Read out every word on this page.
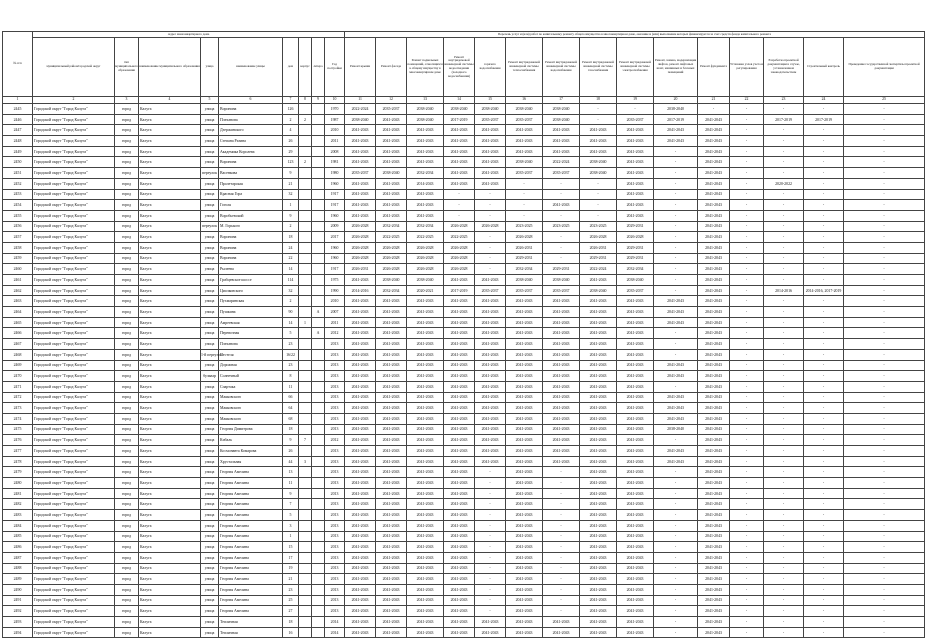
№ п/п	Адрес многоквартирного дома									Перечень услуг и (или) работ по капитальному ремонту общего имущества в многоквартирном доме, оказание и (или) выполнение которых финансируется за счет средств фонда капитального ремонта														
	муниципальный район/городской округ	тип муниципального образования	наименование муниципального образования	улица	наименование улицы	дом	корпус	литера	Год постройки	Ремонт крыши	Ремонт фасада	Ремонт подвальных помещений, относящихся к общему имуществу в многоквартирном доме	Ремонт внутридомовой инженерной системы водоотведения (холодного водоснабжения)	горячего водоснабжения	Ремонт внутридомовой инженерной системы теплоснабжения	Ремонт внутридомовой инженерной системы водоснабжения	Ремонт внутридомовой инженерной системы газоснабжения	Ремонт внутридомовой инженерной системы электроснабжения	Ремонт, замена, модернизация лифтов, ремонт лифтовых шахт, машинных и блочных помещений	Ремонт фундамента	Установка узлов учета и регулирования	Разработка проектной документации в случае, установленном законодательством	Строительный контроль	Проведение государственной экспертизы проектной документации
1	2	3	4	5	6	7	8	9	10	11	12	13	14	15	16	17	18	19	20	21	22	23	24	25
2445	Городской округ "Город Калуга"	город	Калуга	улица	Воронина	126			1970	2022-2024	2035-2037	2038-2040	2038-2040	2038-2040	2038-2040	2038-2040	-	-	2038-2040	-	-	-	-	-
2446	Городской округ "Город Калуга"	город	Калуга	улица	Плеханова	2	2		1987	2038-2040	2041-2043	2038-2040	2017-2019	2035-2037	2035-2037	2038-2040	-	2035-2037	2017-2019	2041-2043	-	2017-2019	2017-2019	-
2447	Городской округ "Город Калуга"	город	Калуга	улица	Дзержинского	4			2010	2041-2043	2041-2043	2041-2043	2041-2043	2041-2043	2041-2043	2041-2043	2041-2043	2041-2043	2041-2043	2041-2043	-	-	-	-
2448	Городской округ "Город Калуга"	город	Калуга	улица	Степана Разина	26			2011	2041-2043	2041-2043	2041-2043	2041-2043	2041-2043	2041-2043	2041-2043	2041-2043	2041-2043	2041-2043	2041-2043	-	-	-	-
2449	Городской округ "Город Калуга"	город	Калуга	улица	Академика Королева	29			2008	2041-2043	2041-2043	2041-2043	2041-2043	2041-2043	2041-2043	2041-2043	2041-2043	2041-2043	-	2041-2043	-	-	-	-
2450	Городской округ "Город Калуга"	город	Калуга	улица	Воронина	123	2		1981	2041-2043	2041-2043	2041-2043	2041-2043	2041-2043	2038-2040	2022-2024	2038-2040	2041-2043	-	2041-2043	-	-	-	-
2451	Городской округ "Город Калуга"	город	Калуга	переулок	Васенкова	9			1980	2035-2037	2038-2040	2032-2034	2041-2043	2041-2043	2035-2037	2035-2037	2038-2040	2041-2043	-	2041-2043	-	-	-	-
2452	Городской округ "Город Калуга"	город	Калуга	улица	Пролетарская	21			1960	2041-2043	2041-2043	2014-2043	2041-2043	2041-2043	-	-	-	2041-2043	-	2041-2043	-	2020-2022	-	-
2453	Городской округ "Город Калуга"	город	Калуга	улица	Красная Гора	32			1917	2041-2043	2041-2043	2041-2043	-	-	-	-	-	2041-2043	-	2041-2043	-	-	-	-
2454	Городской округ "Город Калуга"	город	Калуга	улица	Гоголя	1			1917	2041-2043	2041-2043	2041-2043	-	-	-	2041-2043	-	2041-2043	-	2041-2043	-	-	-	-
2455	Городской округ "Город Калуга"	город	Калуга	улица	Воробьевский	9			1960	2041-2043	2041-2043	2041-2043	-	-	-	-	-	2041-2043	-	2041-2043	-	-	-	-
2456	Городской округ "Город Калуга"	город	Калуга	переулок	М. Горького	2			2009	2026-2028	2032-2034	2032-2034	2026-2028	2026-2028	2023-2025	2023-2025	2023-2025	2029-2031	-	2041-2043	-	-	-	-
2457	Городской округ "Город Калуга"	город	Калуга	улица	Воронина	18			2017	2026-2028	2022-2025	2022-2025	2022-2025	-	2026-2028	-	2026-2028	2026-2028	-	2041-2043	-	-	-	-
2458	Городской округ "Город Калуга"	город	Калуга	улица	Воронина	24			1960	2026-2028	2026-2028	2026-2028	2026-2028	-	2026-2031	-	2026-2031	2029-2031	-	2041-2043	-	-	-	-
2459	Городской округ "Город Калуга"	город	Калуга	улица	Воронина	22			1960	2026-2028	2026-2028	2026-2028	2026-2028	-	2029-2031	-	2029-2031	2029-2031	-	2041-2043	-	-	-	-
2460	Городской округ "Город Калуга"	город	Калуга	улица	Рылеева	14			1917	2026-2031	2026-2028	2026-2028	2026-2028	-	2032-2034	2029-2031	2022-2024	2032-2034	-	2041-2043	-	-	-	-
2461	Городской округ "Город Калуга"	город	Калуга	улица	Грабцевское шоссе	114			1975	2041-2043	2038-2040	2038-2040	2041-2043	2041-2043	2038-2040	2038-2040	2041-2043	2038-2040	-	2041-2043	-	-	-	-
2462	Городской округ "Город Калуга"	город	Калуга	улица	Циолковского	32			1990	2014-2016	2032-2034	2020-2021	2017-2019	2035-2037	2035-2037	2035-2037	2038-2040	2035-2037	-	2041-2043	-	2014-2016	2014-2016, 2017-2019	-
2463	Городской округ "Город Калуга"	город	Калуга	улица	Пухмаринская	2			2010	2041-2043	2041-2043	2041-2043	2041-2043	2041-2043	2041-2043	2041-2043	2041-2043	2041-2043	2041-2043	2041-2043	-	-	-	-
2464	Городской округ "Город Калуга"	город	Калуга	улица	Пушкина	90		А	2007	2041-2043	2041-2043	2041-2043	2041-2043	2041-2043	2041-2043	2041-2043	2041-2043	2041-2043	2041-2043	2041-2043	-	-	-	-
2465	Городской округ "Город Калуга"	город	Калуга	улица	Амреевская	14	1		2011	2041-2043	2041-2043	2041-2043	2041-2043	2041-2043	2041-2043	2041-2043	2041-2043	2041-2043	2041-2043	2041-2043	-	-	-	-
2466	Городской округ "Город Калуга"	город	Калуга	улица	Перевозная	5		А	2012	2041-2043	2041-2043	2041-2043	2041-2043	2041-2043	2041-2043	2041-2043	2041-2043	2041-2043	-	2041-2043	-	-	-	-
2467	Городской округ "Город Калуга"	город	Калуга	улица	Плеханова	23			2013	2041-2043	2041-2043	2041-2043	2041-2043	2041-2043	2041-2043	2041-2043	2041-2043	2041-2043	-	2041-2043	-	-	-	-
2468	Городской округ "Город Калуга"	город	Калуга	1-й переулок	Пестеля	16/22			2013	2041-2043	2041-2043	2041-2043	2041-2043	2041-2043	2041-2043	2041-2043	2041-2043	2041-2043	-	2041-2043	-	-	-	-
2469	Городской округ "Город Калуга"	город	Калуга	улица	Дорожная	23			2013	2041-2043	2041-2043	2041-2043	2041-2043	2041-2043	2041-2043	2041-2043	2041-2043	2041-2043	2041-2043	2041-2043	-	-	-	-
2470	Городской округ "Город Калуга"	город	Калуга	бульвар	Солнечный	8			2013	2041-2043	2041-2043	2041-2043	2041-2043	2041-2043	2041-2043	2041-2043	2041-2043	2041-2043	2041-2043	2041-2043	-	-	-	-
2471	Городской округ "Город Калуга"	город	Калуга	улица	Спартака	11			2013	2041-2043	2041-2043	2041-2043	2041-2043	2041-2043	2041-2043	2041-2043	2041-2043	2041-2043	-	2041-2043	-	-	-	-
2472	Городской округ "Город Калуга"	город	Калуга	улица	Маяковского	66			2013	2041-2043	2041-2043	2041-2043	2041-2043	2041-2043	2041-2043	2041-2043	2041-2043	2041-2043	2041-2043	2041-2043	-	-	-	-
2473	Городской округ "Город Калуга"	город	Калуга	улица	Маяковского	64			2013	2041-2043	2041-2043	2041-2043	2041-2043	2041-2043	2041-2043	2041-2043	2041-2043	2041-2043	2041-2043	2041-2043	-	-	-	-
2474	Городской округ "Город Калуга"	город	Калуга	улица	Маяковского	68			2013	2041-2043	2041-2043	2041-2043	2041-2043	2041-2043	2041-2043	2041-2043	2041-2043	2041-2043	2041-2043	2041-2043	-	-	-	-
2475	Городской округ "Город Калуга"	город	Калуга	улица	Георгия Димитрова	18			2013	2041-2043	2041-2043	2041-2043	2041-2043	2041-2043	2041-2043	2041-2043	2041-2043	2041-2043	2038-2040	2041-2043	-	-	-	-
2476	Городской округ "Город Калуга"	город	Калуга	улица	Кибаль	9	7		2012	2041-2043	2041-2043	2041-2043	2041-2043	2041-2043	2041-2043	2041-2043	2041-2043	2041-2043	-	2041-2043	-	-	-	-
2477	Городской округ "Город Калуга"	город	Калуга	улица	Космонавта Комарова	26			2013	2041-2043	2041-2043	2041-2043	2041-2043	2041-2043	2041-2043	2041-2043	2041-2043	2041-2043	2041-2043	2041-2043	-	-	-	-
2478	Городской округ "Город Калуга"	город	Калуга	улица	Хрустальная	44	3		2013	2041-2043	2041-2043	2041-2043	2041-2043	2041-2043	2041-2043	2041-2043	2041-2043	2041-2043	2041-2043	2041-2043	-	-	-	-
2479	Городской округ "Город Калуга"	город	Калуга	улица	Георгия Амелина	13			2013	2041-2043	2041-2043	2041-2043	2041-2043	-	2041-2043	-	2041-2043	2041-2043	-	2041-2043	-	-	-	-
2480	Городской округ "Город Калуга"	город	Калуга	улица	Георгия Амелина	11			2013	2041-2043	2041-2043	2041-2043	2041-2043	-	2041-2043	-	2041-2043	2041-2043	-	2041-2043	-	-	-	-
2481	Городской округ "Город Калуга"	город	Калуга	улица	Георгия Амелина	9			2013	2041-2043	2041-2043	2041-2043	2041-2043	-	2041-2043	-	2041-2043	2041-2043	-	2041-2043	-	-	-	-
2482	Городской округ "Город Калуга"	город	Калуга	улица	Георгия Амелина	7			2013	2041-2043	2041-2043	2041-2043	2041-2043	-	2041-2043	-	2041-2043	2041-2043	-	2041-2043	-	-	-	-
2483	Городской округ "Город Калуга"	город	Калуга	улица	Георгия Амелина	5			2013	2041-2043	2041-2043	2041-2043	2041-2043	-	2041-2043	-	2041-2043	2041-2043	-	2041-2043	-	-	-	-
2484	Городской округ "Город Калуга"	город	Калуга	улица	Георгия Амелина	3			2013	2041-2043	2041-2043	2041-2043	2041-2043	-	2041-2043	-	2041-2043	2041-2043	-	2041-2043	-	-	-	-
2485	Городской округ "Город Калуга"	город	Калуга	улица	Георгия Амелина	1			2013	2041-2043	2041-2043	2041-2043	2041-2043	-	2041-2043	-	2041-2043	2041-2043	-	2041-2043	-	-	-	-
2486	Городской округ "Город Калуга"	город	Калуга	улица	Георгия Амелина	15			2013	2041-2043	2041-2043	2041-2043	2041-2043	-	2041-2043	-	2041-2043	2041-2043	-	2041-2043	-	-	-	-
2487	Городской округ "Город Калуга"	город	Калуга	улица	Георгия Амелина	17			2013	2041-2043	2041-2043	2041-2043	2041-2043	-	2041-2043	-	2041-2043	2041-2043	-	2041-2043	-	-	-	-
2488	Городской округ "Город Калуга"	город	Калуга	улица	Георгия Амелина	19			2013	2041-2043	2041-2043	2041-2043	2041-2043	-	2041-2043	-	2041-2043	2041-2043	-	2041-2043	-	-	-	-
2489	Городской округ "Город Калуга"	город	Калуга	улица	Георгия Амелина	21			2013	2041-2043	2041-2043	2041-2043	2041-2043	-	2041-2043	-	2041-2043	2041-2043	-	2041-2043	-	-	-	-
2490	Городской округ "Город Калуга"	город	Калуга	улица	Георгия Амелина	23			2013	2041-2043	2041-2043	2041-2043	2041-2043	-	2041-2043	-	2041-2043	2041-2043	-	2041-2043	-	-	-	-
2491	Городской округ "Город Калуга"	город	Калуга	улица	Георгия Амелина	25			2013	2041-2043	2041-2043	2041-2043	2041-2043	-	2041-2043	-	2041-2043	2041-2043	-	2041-2043	-	-	-	-
2492	Городской округ "Город Калуга"	город	Калуга	улица	Георгия Амелина	27			2013	2041-2043	2041-2043	2041-2043	2041-2043	-	2041-2043	-	2041-2043	2041-2043	-	2041-2043	-	-	-	-
2493	Городской округ "Город Калуга"	город	Калуга	улица	Тепличная	18			2014	2041-2043	2041-2043	2041-2043	2041-2043	2041-2043	2041-2043	2041-2043	2041-2043	2041-2043	-	2041-2043	-	-	-	-
2494	Городской округ "Город Калуга"	город	Калуга	улица	Тепличная	16			2014	2041-2043	2041-2043	2041-2043	2041-2043	2041-2043	2041-2043	2041-2043	2041-2043	2041-2043	-	2041-2043	-	-	-	-
